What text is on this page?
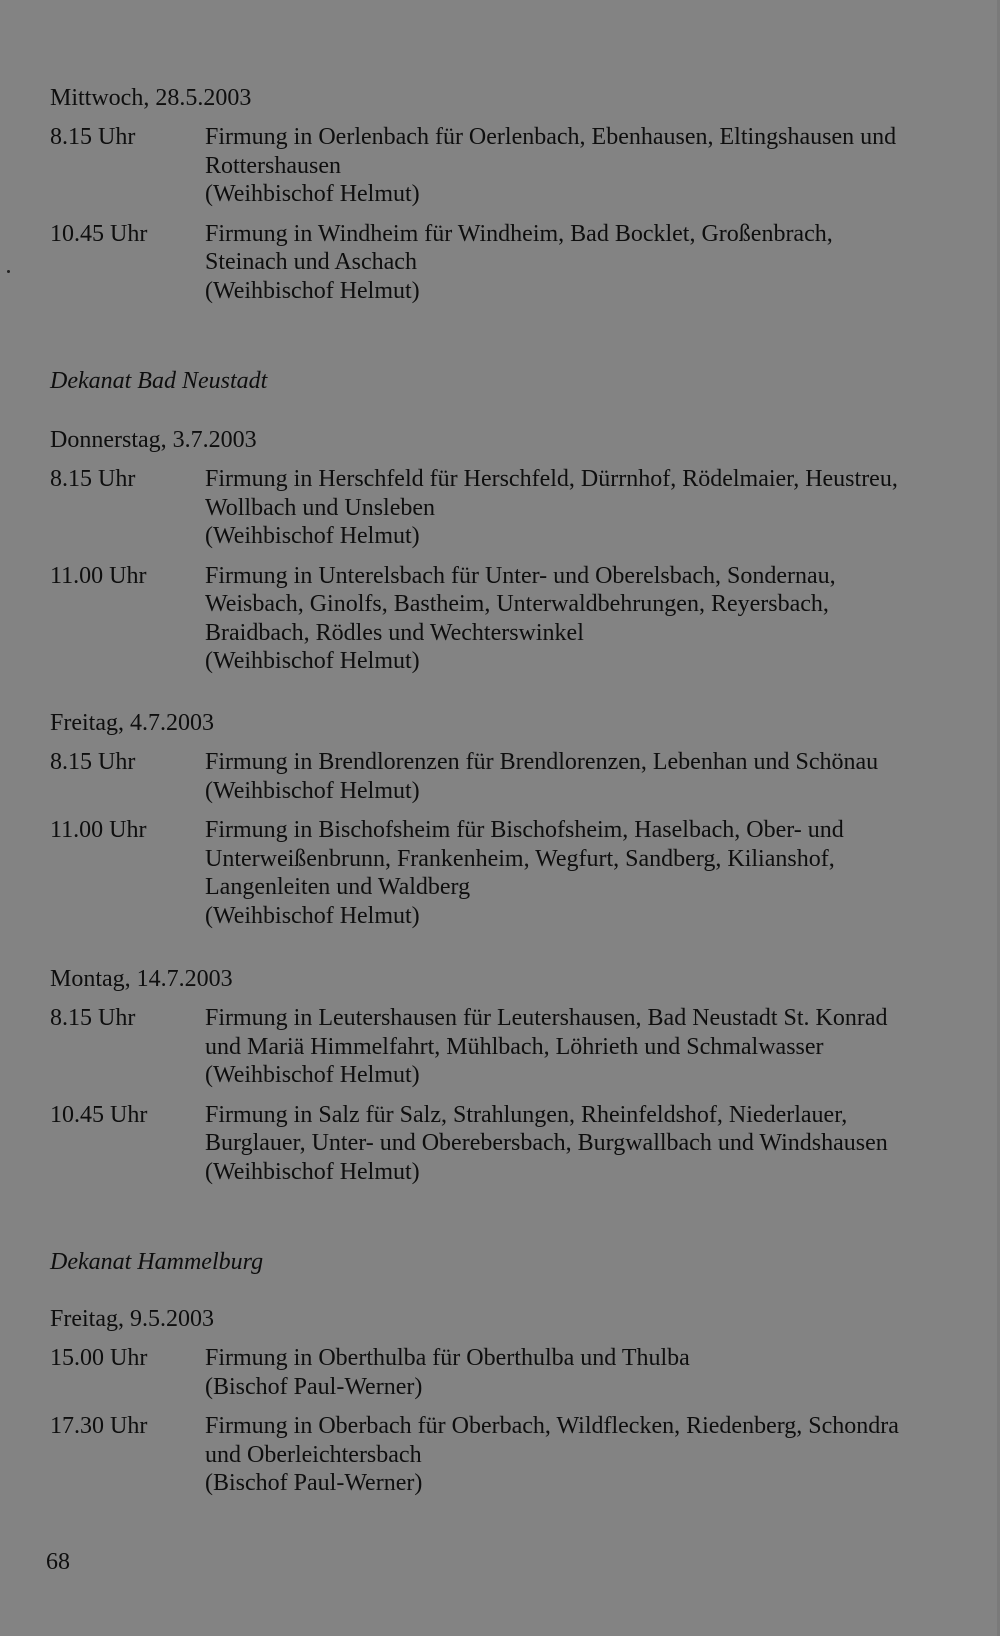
Mittwoch, 28.5.2003
8.15 Uhr	Firmung in Oerlenbach für Oerlenbach, Ebenhausen, Eltingshausen und
Rottershausen
(Weihbischof Helmut)
10.45 Uhr	Firmung in Windheim für Windheim, Bad Bocklet, Großenbrach,
Steinach und Aschach
(Weihbischof Helmut)
Dekanat Bad Neustadt
Donnerstag, 3.7.2003
8.15 Uhr	Firmung in Herschfeld für Herschfeld, Dürrnhof, Rödelmaier, Heustreu,
Wollbach und Unsleben
(Weihbischof Helmut)
11.00 Uhr	Firmung in Unterelsbach für Unter- und Oberelsbach, Sondernau,
Weisbach, Ginolfs, Bastheim, Unterwaldbehrungen, Reyersbach,
Braidbach, Rödles und Wechterswinkel
(Weihbischof Helmut)
Freitag, 4.7.2003
8.15 Uhr	Firmung in Brendlorenzen für Brendlorenzen, Lebenhan und Schönau
(Weihbischof Helmut)
11.00 Uhr	Firmung in Bischofsheim für Bischofsheim, Haselbach, Ober- und
Unterweißenbrunn, Frankenheim, Wegfurt, Sandberg, Kilianshof,
Langenleiten und Waldberg
(Weihbischof Helmut)
Montag, 14.7.2003
8.15 Uhr	Firmung in Leutershausen für Leutershausen, Bad Neustadt St. Konrad
und Mariä Himmelfahrt, Mühlbach, Löhrieth und Schmalwasser
(Weihbischof Helmut)
10.45 Uhr	Firmung in Salz für Salz, Strahlungen, Rheinfeldshof, Niederlauer,
Burglauer, Unter- und Oberebersbach, Burgwallbach und Windshausen
(Weihbischof Helmut)
Dekanat Hammelburg
Freitag, 9.5.2003
15.00 Uhr	Firmung in Oberthulba für Oberthulba und Thulba
(Bischof Paul-Werner)
17.30 Uhr	Firmung in Oberbach für Oberbach, Wildflecken, Riedenberg, Schondra
und Oberleichtersbach
(Bischof Paul-Werner)
68
